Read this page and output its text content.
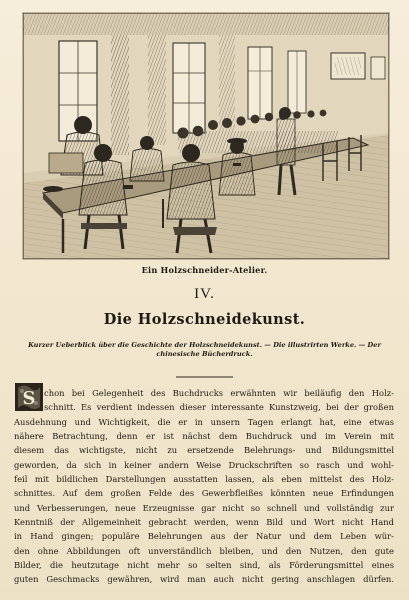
Ein Holzschneider-Atelier.
IV.
Die Holzschneidekunst.
Kurzer Ueberblick über die Geschichte der Holzschneidekunst. — Die illustrirten Werke. — Der chinesische Bücherdruck.
S	chon bei Gelegenheit des Buchdrucks erwähnten wir beiläufig den Holz-
schnitt. Es verdient indessen dieser interessante Kunstzweig, bei der großen
Ausdehnung und Wichtigkeit, die er in unsern Tagen erlangt hat, eine etwas
nähere Betrachtung, denn er ist nächst dem Buchdruck und im Verein mit
diesem das wichtigste, nicht zu ersetzende Belehrungs- und Bildungsmittel
geworden, da sich in keiner andern Weise Druckschriften so rasch und wohl-
feil mit bildlichen Darstellungen ausstatten lassen, als eben mittelst des Holz-
schnittes. Auf dem großen Felde des Gewerbfleißes könnten neue Erfindungen
und Verbesserungen, neue Erzeugnisse gar nicht so schnell und vollständig zur
Kenntniß der Allgemeinheit gebracht werden, wenn Bild und Wort nicht Hand
in Hand gingen; populäre Belehrungen aus der Natur und dem Leben wür-
den ohne Abbildungen oft unverständlich bleiben, und den Nutzen, den gute
Bilder, die heutzutage nicht mehr so selten sind, als Förderungsmittel eines
guten Geschmacks gewähren, wird man auch nicht gering anschlagen dürfen.
